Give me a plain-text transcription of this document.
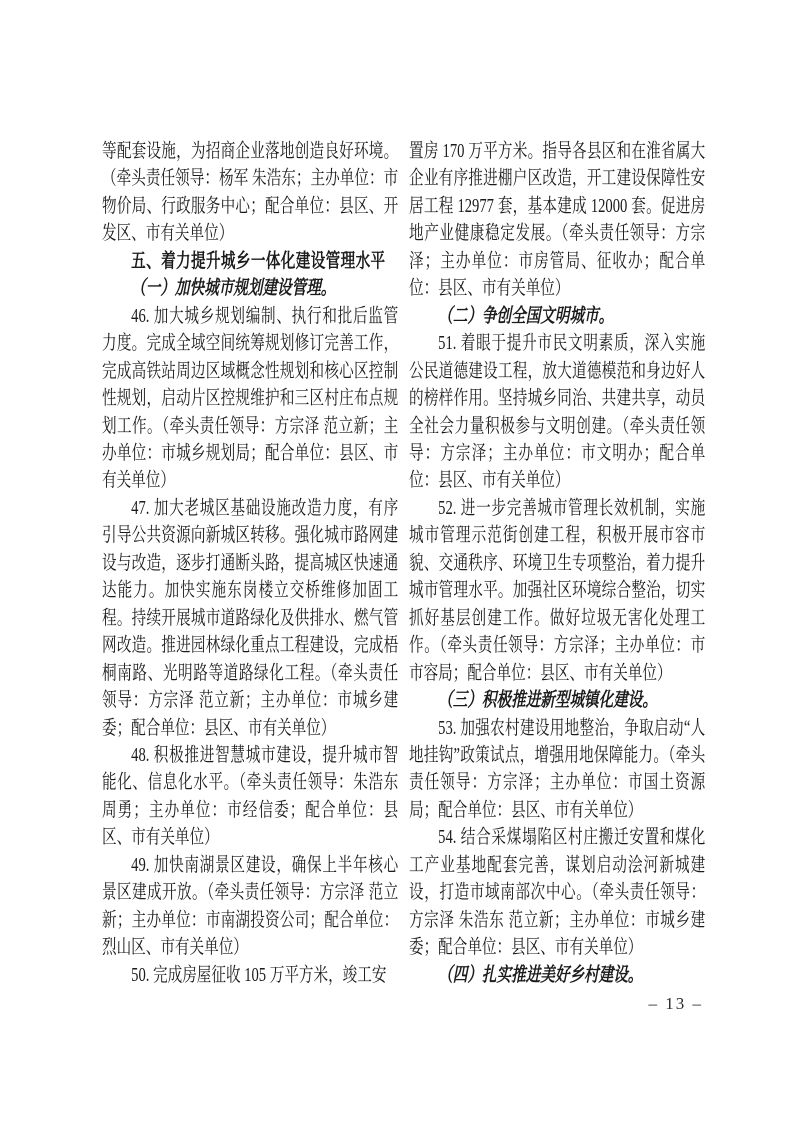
等配套设施，为招商企业落地创造良好环境。（牵头责任领导：杨军 朱浩东；主办单位：市物价局、行政服务中心；配合单位：县区、开发区、市有关单位）

五、着力提升城乡一体化建设管理水平

（一）加快城市规划建设管理。

46. 加大城乡规划编制、执行和批后监管力度。完成全域空间统筹规划修订完善工作，完成高铁站周边区域概念性规划和核心区控制性规划，启动片区控规维护和三区村庄布点规划工作。（牵头责任领导：方宗泽 范立新；主办单位：市城乡规划局；配合单位：县区、市有关单位）

47. 加大老城区基础设施改造力度，有序引导公共资源向新城区转移。强化城市路网建设与改造，逐步打通断头路，提高城区快速通达能力。加快实施东岗楼立交桥维修加固工程。持续开展城市道路绿化及供排水、燃气管网改造。推进园林绿化重点工程建设，完成梧桐南路、光明路等道路绿化工程。（牵头责任领导：方宗泽 范立新；主办单位：市城乡建委；配合单位：县区、市有关单位）

48. 积极推进智慧城市建设，提升城市智能化、信息化水平。（牵头责任领导：朱浩东 周勇；主办单位：市经信委；配合单位：县区、市有关单位）

49. 加快南湖景区建设，确保上半年核心景区建成开放。（牵头责任领导：方宗泽 范立新；主办单位：市南湖投资公司；配合单位：烈山区、市有关单位）

50. 完成房屋征收 105 万平方米，竣工安

置房 170 万平方米。指导各县区和在淮省属大企业有序推进棚户区改造，开工建设保障性安居工程 12977 套，基本建成 12000 套。促进房地产业健康稳定发展。（牵头责任领导：方宗泽；主办单位：市房管局、征收办；配合单位：县区、市有关单位）

（二）争创全国文明城市。

51. 着眼于提升市民文明素质，深入实施公民道德建设工程，放大道德模范和身边好人的榜样作用。坚持城乡同治、共建共享，动员全社会力量积极参与文明创建。（牵头责任领导：方宗泽；主办单位：市文明办；配合单位：县区、市有关单位）

52. 进一步完善城市管理长效机制，实施城市管理示范街创建工程，积极开展市容市貌、交通秩序、环境卫生专项整治，着力提升城市管理水平。加强社区环境综合整治，切实抓好基层创建工作。做好垃圾无害化处理工作。（牵头责任领导：方宗泽；主办单位：市市容局；配合单位：县区、市有关单位）

（三）积极推进新型城镇化建设。

53. 加强农村建设用地整治，争取启动“人地挂钩”政策试点，增强用地保障能力。（牵头责任领导：方宗泽；主办单位：市国土资源局；配合单位：县区、市有关单位）

54. 结合采煤塌陷区村庄搬迁安置和煤化工产业基地配套完善，谋划启动浍河新城建设，打造市域南部次中心。（牵头责任领导：方宗泽 朱浩东 范立新；主办单位：市城乡建委；配合单位：县区、市有关单位）

（四）扎实推进美好乡村建设。

– 13 –
